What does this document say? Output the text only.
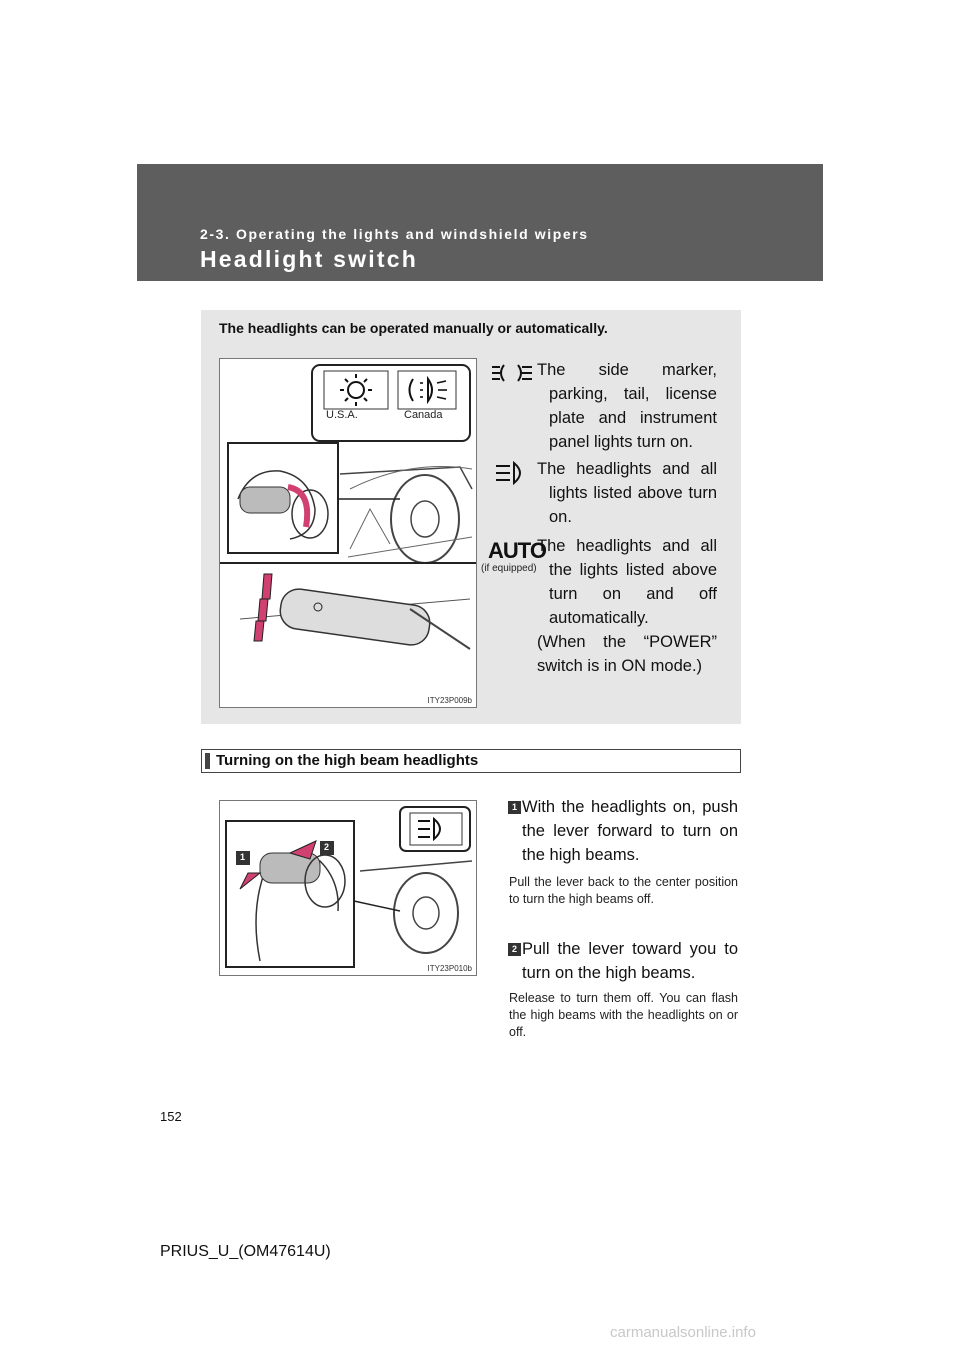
2-3. Operating the lights and windshield wipers
Headlight switch
The headlights can be operated manually or automatically.
U.S.A.	Canada
ITY23P009b
AUTO
(if equipped)
The side marker, parking, tail, license plate and instrument panel lights turn on.
The headlights and all lights listed above turn on.
The headlights and all the lights listed above turn on and off automatically.
(When the “POWER” switch is in ON mode.)
Turning on the high beam headlights
1
2
ITY23P010b
1 With the headlights on, push the lever forward to turn on the high beams.
Pull the lever back to the center position to turn the high beams off.
2 Pull the lever toward you to turn on the high beams.
Release to turn them off. You can flash the high beams with the headlights on or off.
152
PRIUS_U_(OM47614U)
carmanualsonline.info
